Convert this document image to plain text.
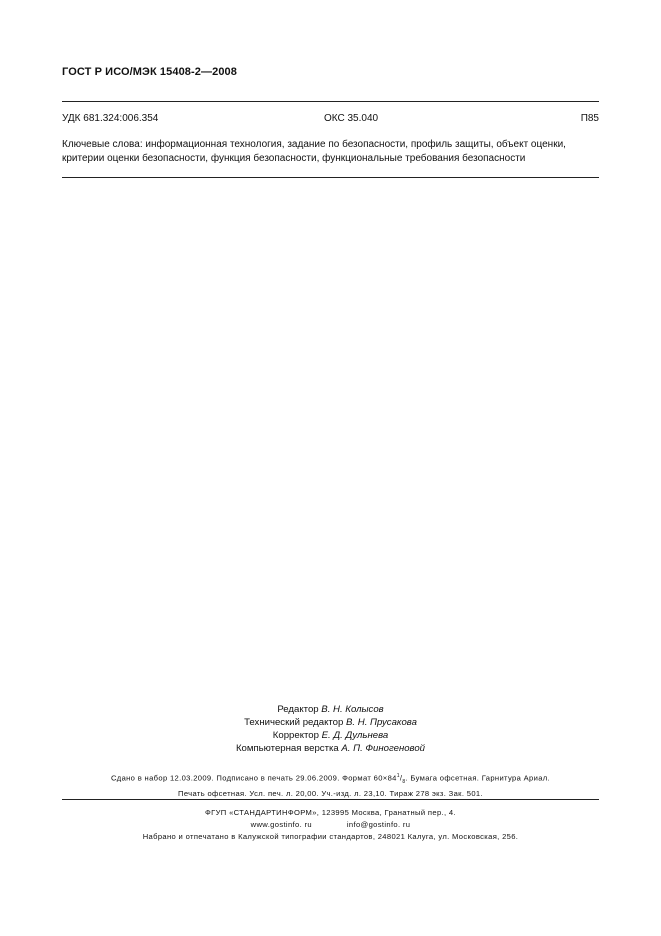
ГОСТ Р ИСО/МЭК 15408-2—2008
УДК 681.324:006.354	ОКС 35.040	П85
Ключевые слова: информационная технология, задание по безопасности, профиль защиты, объект оценки,
критерии оценки безопасности, функция безопасности, функциональные требования безопасности
Редактор В. Н. Колысов
Технический редактор В. Н. Прусакова
Корректор Е. Д. Дульнева
Компьютерная верстка А. П. Финогеновой
Сдано в набор 12.03.2009. Подписано в печать 29.06.2009. Формат $60\times 84^1/_8$. Бумага офсетная. Гарнитура Ариал.
Печать офсетная. Усл. печ. л. 20,00. Уч.-изд. л. 23,10. Тираж 278 экз. Зак. 501.
ФГУП «СТАНДАРТИНФОРМ», 123995 Москва, Гранатный пер., 4.
www.gostinfo. ru	info@gostinfo. ru
Набрано и отпечатано в Калужской типографии стандартов, 248021 Калуга, ул. Московская, 256.
